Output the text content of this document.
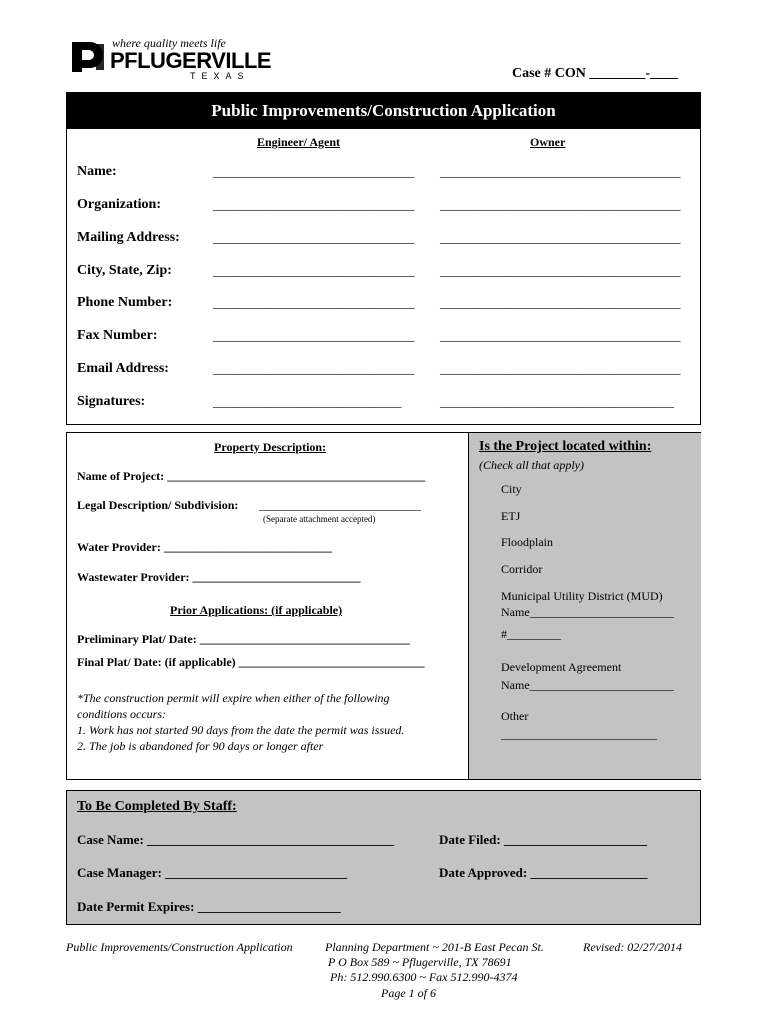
where quality meets life
PFLUGERVILLE
TEXAS	Case # CON ________-____
Public Improvements/Construction Application
Engineer/ Agent	Owner
Name:	_______________________________ _____________________________________
Organization:	_______________________________ _____________________________________
Mailing Address:	_______________________________ _____________________________________
City, State, Zip:	_______________________________ _____________________________________
Phone Number:	_______________________________ _____________________________________
Fax Number:	_______________________________ _____________________________________
Email Address:	_______________________________ _____________________________________
Signatures:	_____________________________	____________________________________
Property Description:
Name of Project: ___________________________________________
Legal Description/ Subdivision: ___________________________
(Separate attachment accepted)
Water Provider: ____________________________
Wastewater Provider: ____________________________
Prior Applications: (if applicable)
Preliminary Plat/ Date: ___________________________________
Final Plat/ Date: (if applicable) _______________________________
*The construction permit will expire when either of the following
conditions occurs:
1. Work has not started 90 days from the date the permit was issued.
2. The job is abandoned for 90 days or longer after
Is the Project located within:
(Check all that apply)
City
ETJ
Floodplain
Corridor
Municipal Utility District (MUD)
Name________________________
#_________
Development Agreement
Name________________________
Other
__________________________
To Be Completed By Staff:
Case Name: ______________________________________	Date Filed: ______________________
Case Manager: ____________________________	Date Approved: __________________
Date Permit Expires: ______________________
Public Improvements/Construction Application	Planning Department ~ 201-B East Pecan St.
P O Box 589 ~ Pflugerville, TX 78691
Ph: 512.990.6300 ~ Fax 512.990-4374
Page 1 of 6
Revised: 02/27/2014
